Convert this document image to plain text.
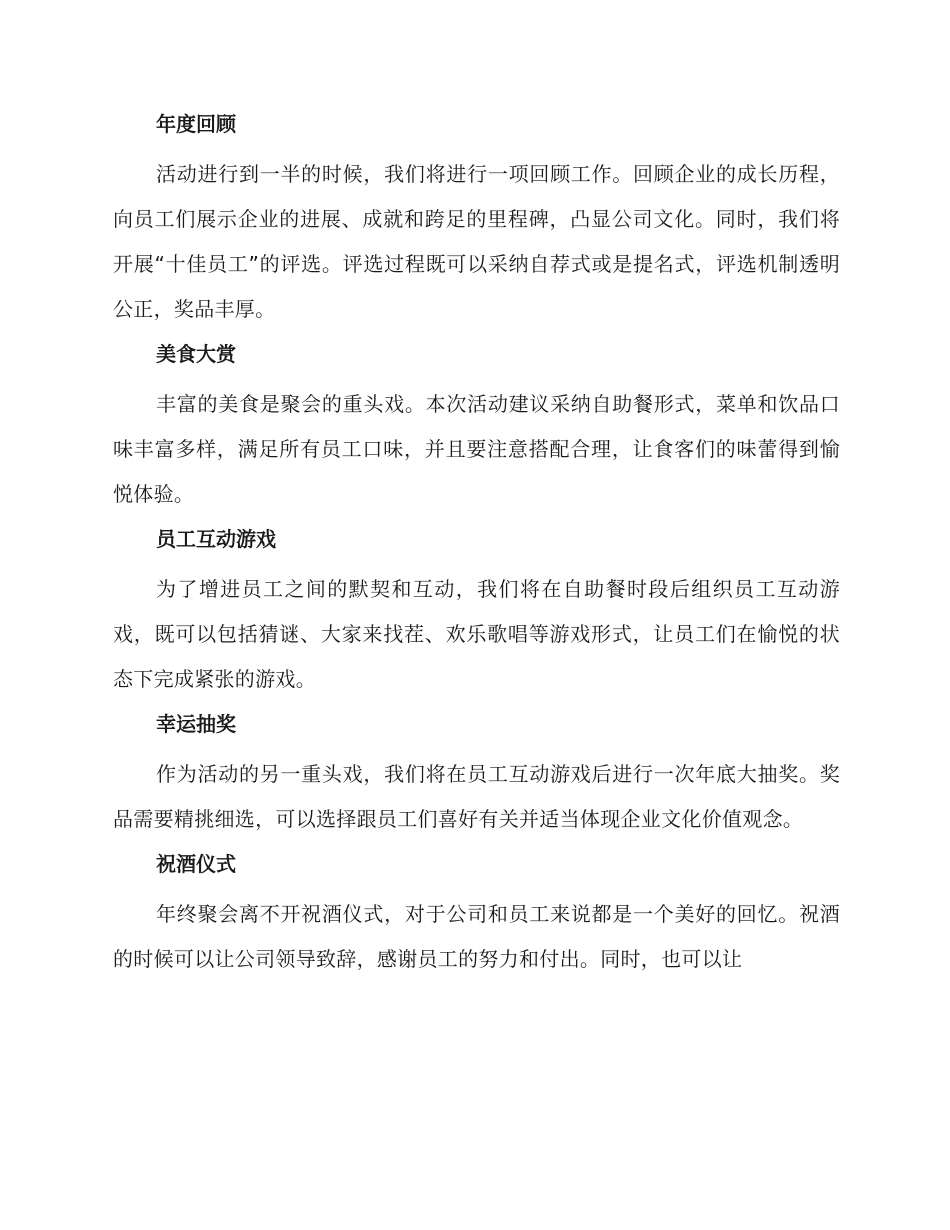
年度回顾

活动进行到一半的时候，我们将进行一项回顾工作。回顾企业的成长历程，向员工们展示企业的进展、成就和跨足的里程碑，凸显公司文化。同时，我们将开展“十佳员工”的评选。评选过程既可以采纳自荐式或是提名式，评选机制透明公正，奖品丰厚。

美食大赏

丰富的美食是聚会的重头戏。本次活动建议采纳自助餐形式，菜单和饮品口味丰富多样，满足所有员工口味，并且要注意搭配合理，让食客们的味蕾得到愉悦体验。

员工互动游戏

为了增进员工之间的默契和互动，我们将在自助餐时段后组织员工互动游戏，既可以包括猜谜、大家来找茬、欢乐歌唱等游戏形式，让员工们在愉悦的状态下完成紧张的游戏。

幸运抽奖

作为活动的另一重头戏，我们将在员工互动游戏后进行一次年底大抽奖。奖品需要精挑细选，可以选择跟员工们喜好有关并适当体现企业文化价值观念。

祝酒仪式

年终聚会离不开祝酒仪式，对于公司和员工来说都是一个美好的回忆。祝酒的时候可以让公司领导致辞，感谢员工的努力和付出。同时，也可以让
